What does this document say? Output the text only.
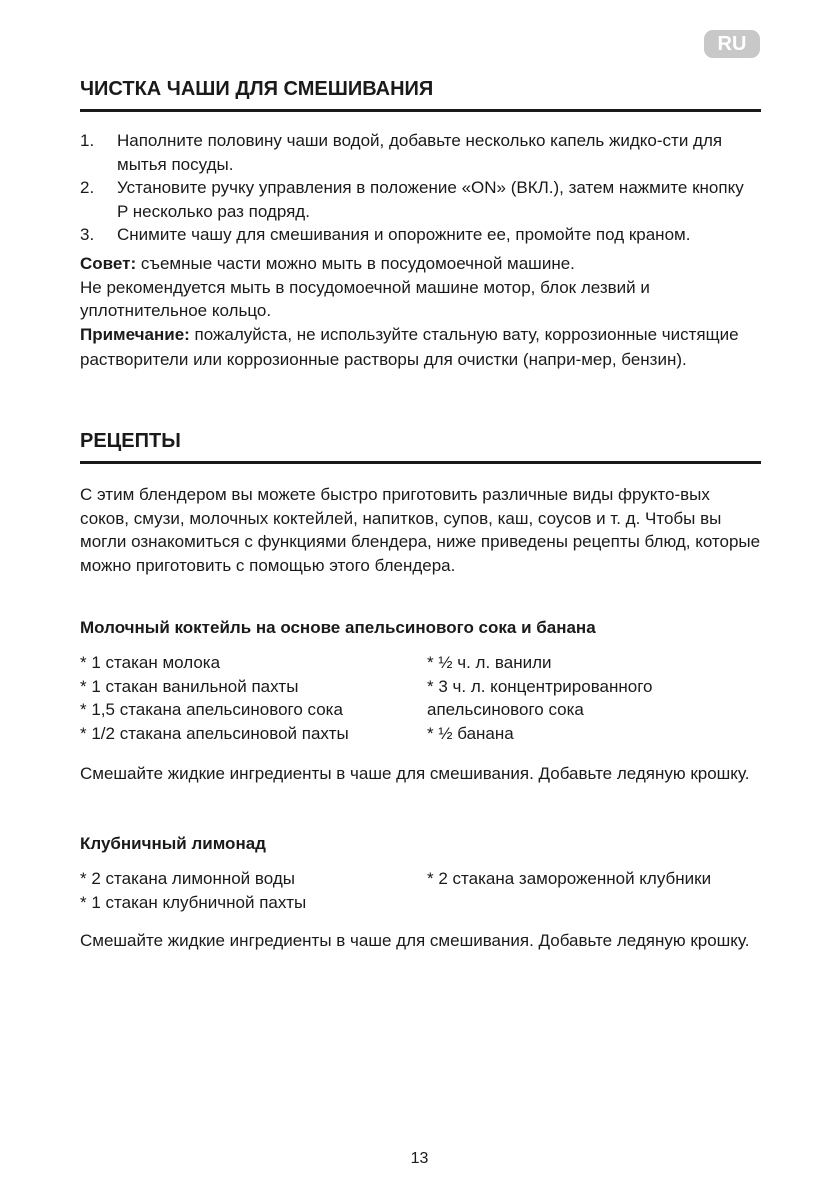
RU
ЧИСТКА ЧАШИ ДЛЯ СМЕШИВАНИЯ
1. Наполните половину чаши водой, добавьте несколько капель жидко-сти для мытья посуды.
2. Установите ручку управления в положение «ON» (ВКЛ.), затем нажмите кнопку P несколько раз подряд.
3. Снимите чашу для смешивания и опорожните ее, промойте под краном.
Совет: съемные части можно мыть в посудомоечной машине.
Не рекомендуется мыть в посудомоечной машине мотор, блок лезвий и уплотнительное кольцо.
Примечание: пожалуйста, не используйте стальную вату, коррозионные чистящие растворители или коррозионные растворы для очистки (напри-мер, бензин).
РЕЦЕПТЫ
С этим блендером вы можете быстро приготовить различные виды фрукто-вых соков, смузи, молочных коктейлей, напитков, супов, каш, соусов и т. д. Чтобы вы могли ознакомиться с функциями блендера, ниже приведены рецепты блюд, которые можно приготовить с помощью этого блендера.
Молочный коктейль на основе апельсинового сока и банана
* 1 стакан молока
* 1 стакан ванильной пахты
* 1,5 стакана апельсинового сока
* 1/2 стакана апельсиновой пахты
* ½ ч. л. ванили
* 3 ч. л. концентрированного
апельсинового сока
* ½ банана
Смешайте жидкие ингредиенты в чаше для смешивания. Добавьте ледяную крошку.
Клубничный лимонад
* 2 стакана лимонной воды
* 1 стакан клубничной пахты
* 2 стакана замороженной клубники
Смешайте жидкие ингредиенты в чаше для смешивания. Добавьте ледяную крошку.
13
